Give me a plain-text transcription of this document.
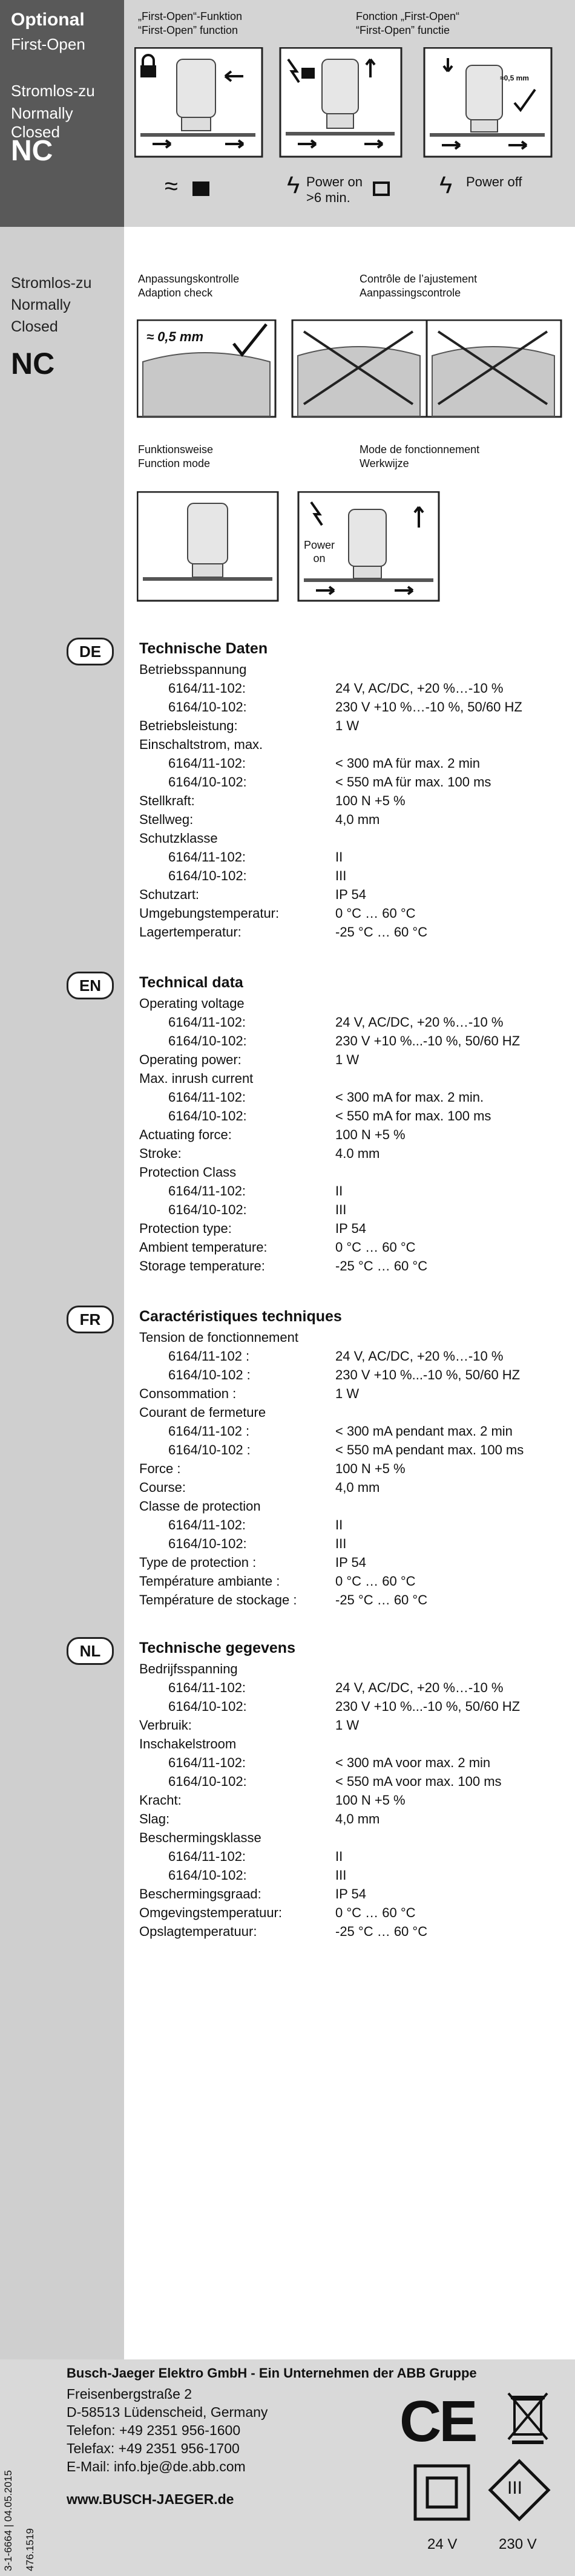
Optional
First-Open
Stromlos-zu
Normally Closed
NC
„First-Open“-Funktion
“First-Open” function
Fonction „First-Open“
“First-Open” functie
≈0,5 mm
≈	ϟ Power on
>6 min.	ϟ Power off
Stromlos-zu
Normally
Closed
NC
Anpassungskontrolle
Adaption check
Contrôle de l’ajustement
Aanpassingscontrole
≈ 0,5 mm
Funktionsweise
Function mode
Mode de fonctionnement
Werkwijze
Power
on
DE	Technische Daten
Betriebsspannung
6164/11-102:	24 V, AC/DC, +20 %…-10 %
6164/10-102:	230 V +10 %…-10 %, 50/60 HZ
Betriebsleistung:	1 W
Einschaltstrom, max.
6164/11-102:	< 300 mA für max. 2 min
6164/10-102:	< 550 mA für max. 100 ms
Stellkraft:	100 N +5 %
Stellweg:	4,0 mm
Schutzklasse
6164/11-102:	II
6164/10-102:	III
Schutzart:	IP 54
Umgebungstemperatur:	0 °C … 60 °C
Lagertemperatur:	-25 °C … 60 °C
EN	Technical data
Operating voltage
6164/11-102:	24 V, AC/DC, +20 %…-10 %
6164/10-102:	230 V +10 %...-10 %, 50/60 HZ
Operating power:	1 W
Max. inrush current
6164/11-102:	< 300 mA for max. 2 min.
6164/10-102:	< 550 mA for max. 100 ms
Actuating force:	100 N +5 %
Stroke:	4.0 mm
Protection Class
6164/11-102:	II
6164/10-102:	III
Protection type:	IP 54
Ambient temperature:	0 °C … 60 °C
Storage temperature:	-25 °C … 60 °C
FR	Caractéristiques techniques
Tension de fonctionnement
6164/11-102 :	24 V, AC/DC, +20 %…-10 %
6164/10-102 :	230 V +10 %...-10 %, 50/60 HZ
Consommation :	1 W
Courant de fermeture
6164/11-102 :	< 300 mA pendant max. 2 min
6164/10-102 :	< 550 mA pendant max. 100 ms
Force :	100 N +5 %
Course:	4,0 mm
Classe de protection
6164/11-102:	II
6164/10-102:	III
Type de protection :	IP 54
Température ambiante :	0 °C … 60 °C
Température de stockage :	-25 °C … 60 °C
NL	Technische gegevens
Bedrijfsspanning
6164/11-102:	24 V, AC/DC, +20 %…-10 %
6164/10-102:	230 V +10 %...-10 %, 50/60 HZ
Verbruik:	1 W
Inschakelstroom
6164/11-102:	< 300 mA voor max. 2 min
6164/10-102:	< 550 mA voor max. 100 ms
Kracht:	100 N +5 %
Slag:	4,0 mm
Beschermingsklasse
6164/11-102:	II
6164/10-102:	III
Beschermingsgraad:	IP 54
Omgevingstemperatuur:	0 °C … 60 °C
Opslagtemperatuur:	-25 °C … 60 °C
Busch-Jaeger Elektro GmbH - Ein Unternehmen der ABB Gruppe
Freisenbergstraße 2
D-58513 Lüdenscheid, Germany
Telefon: +49 2351 956-1600
Telefax: +49 2351 956-1700
E-Mail: info.bje@de.abb.com
www.BUSCH-JAEGER.de
3-1-6664 | 04.05.2015 476.1519
CE
24 V
III
230 V
